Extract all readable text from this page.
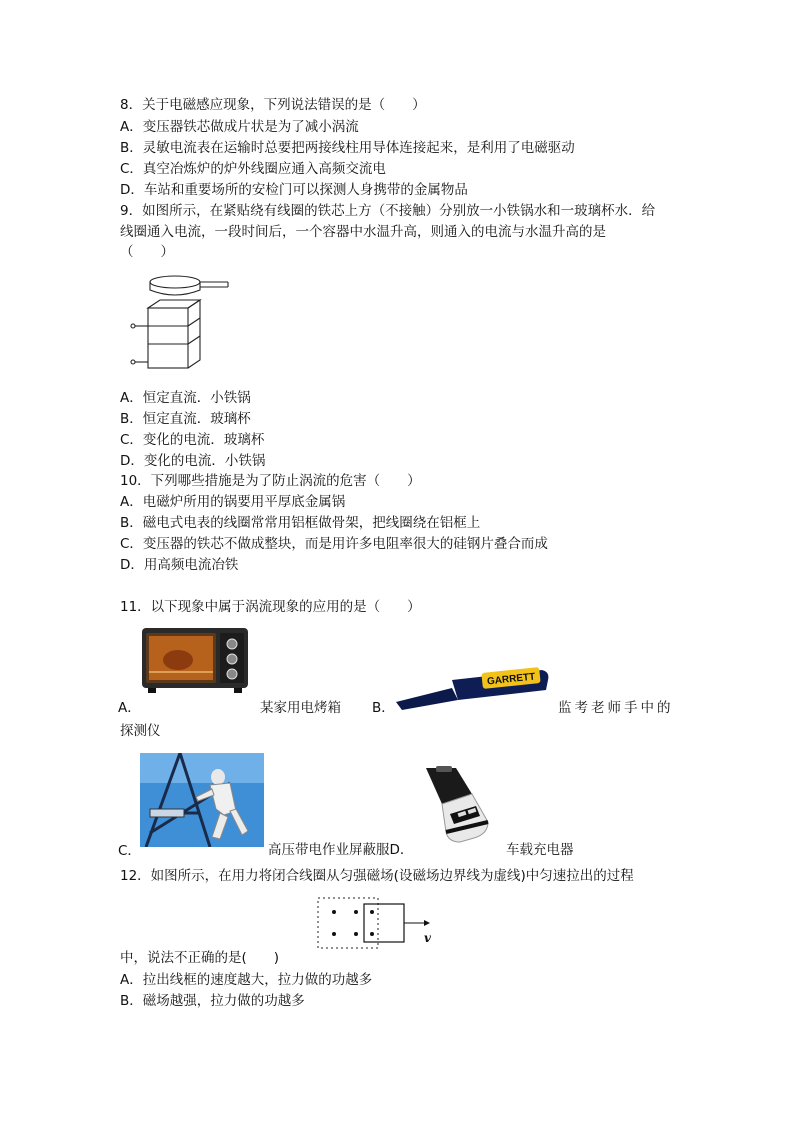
8．关于电磁感应现象，下列说法错误的是（　　）
A．变压器铁芯做成片状是为了减小涡流
B．灵敏电流表在运输时总要把两接线柱用导体连接起来，是利用了电磁驱动
C．真空冶炼炉的炉外线圈应通入高频交流电
D．车站和重要场所的安检门可以探测人身携带的金属物品
9．如图所示，在紧贴绕有线圈的铁芯上方（不接触）分别放一小铁锅水和一玻璃杯水．给
线圈通入电流，一段时间后，一个容器中水温升高，则通入的电流与水温升高的是
（　　）
A．恒定直流．小铁锅
B．恒定直流．玻璃杯
C．变化的电流．玻璃杯
D．变化的电流．小铁锅
10．下列哪些措施是为了防止涡流的危害（　　）
A．电磁炉所用的锅要用平厚底金属锅
B．磁电式电表的线圈常常用铝框做骨架，把线圈绕在铝框上
C．变压器的铁芯不做成整块，而是用许多电阻率很大的硅钢片叠合而成
D．用高频电流冶铁
11．以下现象中属于涡流现象的应用的是（　　）
A．	某家用电烤箱
GARRETT
B．	监考老师手中的
探测仪
C．	高压带电作业屏蔽服D．	车载充电器
12．如图所示，在用力将闭合线圈从匀强磁场(设磁场边界线为虚线)中匀速拉出的过程
v
中，说法不正确的是(　　)
A．拉出线框的速度越大，拉力做的功越多
B．磁场越强，拉力做的功越多
